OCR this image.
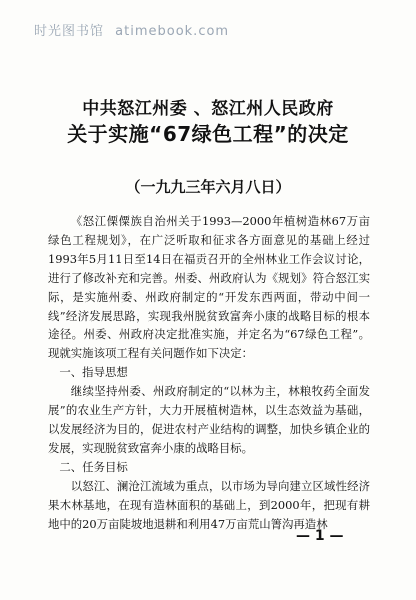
时光图书馆 atimebook.com
中共怒江州委 、怒江州人民政府
关于实施“67绿色工程”的决定
（一九九三年六月八日）

《怒江傈僳族自治州关于1993—2000年植树造林67万亩绿色工程规划》，在广泛听取和征求各方面意见的基础上经过1993年5月11日至14日在福贡召开的全州林业工作会议讨论，进行了修改补充和完善。州委、州政府认为《规划》符合怒江实际，是实施州委、州政府制定的“开发东西两面，带动中间一线”经济发展思路，实现我州脱贫致富奔小康的战略目标的根本途径。州委、州政府决定批准实施，并定名为“67绿色工程”。现就实施该项工程有关问题作如下决定：

一、指导思想

继续坚持州委、州政府制定的“以林为主，林粮牧药全面发展”的农业生产方针，大力开展植树造林，以生态效益为基础，以发展经济为目的，促进农村产业结构的调整，加快乡镇企业的发展，实现脱贫致富奔小康的战略目标。

二、任务目标

以怒江、澜沧江流域为重点，以市场为导向建立区域性经济果木林基地，在现有造林面积的基础上，到2000年，把现有耕地中的20万亩陡坡地退耕和利用47万亩荒山箐沟再造林

— 1 —
